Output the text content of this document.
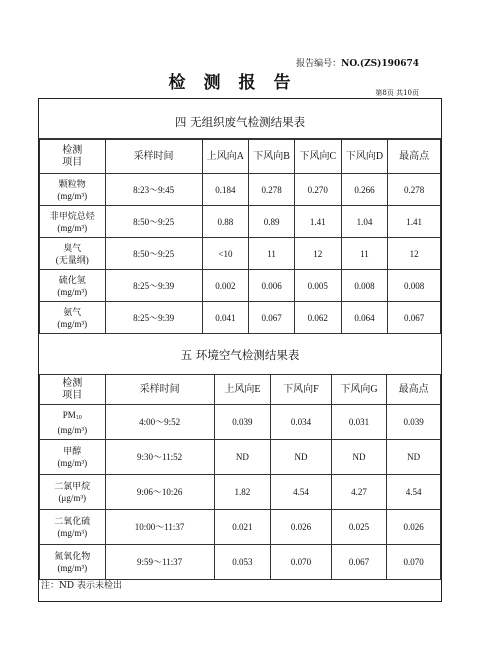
报告编号：NO.(ZS)190674
检测报告	第8页 共10页
四 无组织废气检测结果表
检测
项目	采样时间	上风向A	下风向B	下风向C	下风向D	最高点
颗粒物
(mg/m³)	8:23～9:45	0.184	0.278	0.270	0.266	0.278
非甲烷总烃
(mg/m³)	8:50～9:25	0.88	0.89	1.41	1.04	1.41
臭气
(无量纲)	8:50～9:25	<10	11	12	11	12
硫化氢
(mg/m³)	8:25～9:39	0.002	0.006	0.005	0.008	0.008
氨气
(mg/m³)	8:25～9:39	0.041	0.067	0.062	0.064	0.067
五 环境空气检测结果表
检测
项目	采样时间	上风向E	下风向F	下风向G	最高点
PM10
(mg/m³)	4:00～9:52	0.039	0.034	0.031	0.039
甲醇
(mg/m³)	9:30～11:52	ND	ND	ND	ND
二氯甲烷
(μg/m³)	9:06～10:26	1.82	4.54	4.27	4.54
二氧化硫
(mg/m³)	10:00～11:37	0.021	0.026	0.025	0.026
氮氧化物
(mg/m³)	9:59～11:37	0.053	0.070	0.067	0.070
注：ND 表示未检出
